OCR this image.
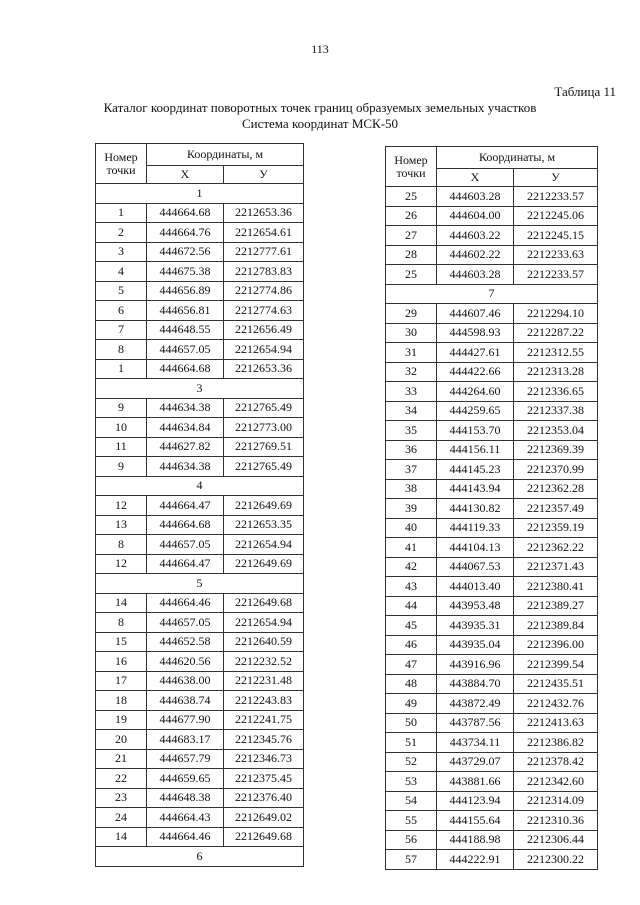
113
Таблица 11
Каталог координат поворотных точек границ образуемых земельных участков
Система координат МСК-50
Номер точки	Координаты, м	
	X	У
1		
1	444664.68	2212653.36
2	444664.76	2212654.61
3	444672.56	2212777.61
4	444675.38	2212783.83
5	444656.89	2212774.86
6	444656.81	2212774.63
7	444648.55	2212656.49
8	444657.05	2212654.94
1	444664.68	2212653.36
3		
9	444634.38	2212765.49
10	444634.84	2212773.00
11	444627.82	2212769.51
9	444634.38	2212765.49
4		
12	444664.47	2212649.69
13	444664.68	2212653.35
8	444657.05	2212654.94
12	444664.47	2212649.69
5		
14	444664.46	2212649.68
8	444657.05	2212654.94
15	444652.58	2212640.59
16	444620.56	2212232.52
17	444638.00	2212231.48
18	444638.74	2212243.83
19	444677.90	2212241.75
20	444683.17	2212345.76
21	444657.79	2212346.73
22	444659.65	2212375.45
23	444648.38	2212376.40
24	444664.43	2212649.02
14	444664.46	2212649.68
6		
Номер точки	Координаты, м	
	X	У
25	444603.28	2212233.57
26	444604.00	2212245.06
27	444603.22	2212245.15
28	444602.22	2212233.63
25	444603.28	2212233.57
7		
29	444607.46	2212294.10
30	444598.93	2212287.22
31	444427.61	2212312.55
32	444422.66	2212313.28
33	444264.60	2212336.65
34	444259.65	2212337.38
35	444153.70	2212353.04
36	444156.11	2212369.39
37	444145.23	2212370.99
38	444143.94	2212362.28
39	444130.82	2212357.49
40	444119.33	2212359.19
41	444104.13	2212362.22
42	444067.53	2212371.43
43	444013.40	2212380.41
44	443953.48	2212389.27
45	443935.31	2212389.84
46	443935.04	2212396.00
47	443916.96	2212399.54
48	443884.70	2212435.51
49	443872.49	2212432.76
50	443787.56	2212413.63
51	443734.11	2212386.82
52	443729.07	2212378.42
53	443881.66	2212342.60
54	444123.94	2212314.09
55	444155.64	2212310.36
56	444188.98	2212306.44
57	444222.91	2212300.22
